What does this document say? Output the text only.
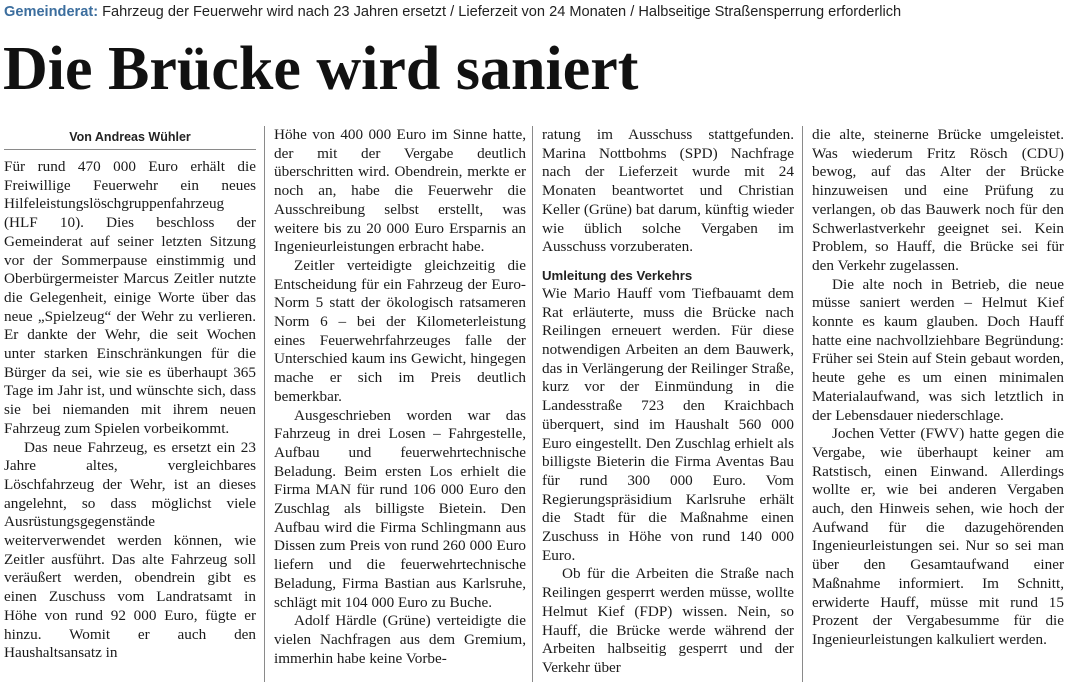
Gemeinderat: Fahrzeug der Feuerwehr wird nach 23 Jahren ersetzt / Lieferzeit von 24 Monaten / Halbseitige Straßensperrung erforderlich
Die Brücke wird saniert
Von Andreas Wühler

Für rund 470 000 Euro erhält die Freiwillige Feuerwehr ein neues Hilfeleistungslöschgruppenfahrzeug (HLF 10). Dies beschloss der Gemeinderat auf seiner letzten Sitzung vor der Sommerpause einstimmig und Oberbürgermeister Marcus Zeitler nutzte die Gelegenheit, einige Worte über das neue „Spielzeug“ der Wehr zu verlieren. Er dankte der Wehr, die seit Wochen unter starken Einschränkungen für die Bürger da sei, wie sie es überhaupt 365 Tage im Jahr ist, und wünschte sich, dass sie bei niemanden mit ihrem neuen Fahrzeug zum Spielen vorbeikommt.

Das neue Fahrzeug, es ersetzt ein 23 Jahre altes, vergleichbares Löschfahrzeug der Wehr, ist an dieses angelehnt, so dass möglichst viele Ausrüstungsgegenstände weiterverwendet werden können, wie Zeitler ausführt. Das alte Fahrzeug soll veräußert werden, obendrein gibt es einen Zuschuss vom Landratsamt in Höhe von rund 92 000 Euro, fügte er hinzu. Womit er auch den Haushaltsansatz in

Höhe von 400 000 Euro im Sinne hatte, der mit der Vergabe deutlich überschritten wird. Obendrein, merkte er noch an, habe die Feuerwehr die Ausschreibung selbst erstellt, was weitere bis zu 20 000 Euro Ersparnis an Ingenieurleistungen erbracht habe.

Zeitler verteidigte gleichzeitig die Entscheidung für ein Fahrzeug der Euro-Norm 5 statt der ökologisch ratsameren Norm 6 – bei der Kilometerleistung eines Feuerwehrfahrzeuges falle der Unterschied kaum ins Gewicht, hingegen mache er sich im Preis deutlich bemerkbar.

Ausgeschrieben worden war das Fahrzeug in drei Losen – Fahrgestelle, Aufbau und feuerwehrtechnische Beladung. Beim ersten Los erhielt die Firma MAN für rund 106 000 Euro den Zuschlag als billigste Bietein. Den Aufbau wird die Firma Schlingmann aus Dissen zum Preis von rund 260 000 Euro liefern und die feuerwehrtechnische Beladung, Firma Bastian aus Karlsruhe, schlägt mit 104 000 Euro zu Buche.

Adolf Härdle (Grüne) verteidigte die vielen Nachfragen aus dem Gremium, immerhin habe keine Vorbe-

ratung im Ausschuss stattgefunden. Marina Nottbohms (SPD) Nachfrage nach der Lieferzeit wurde mit 24 Monaten beantwortet und Christian Keller (Grüne) bat darum, künftig wieder wie üblich solche Vergaben im Ausschuss vorzuberaten.

Umleitung des Verkehrs

Wie Mario Hauff vom Tiefbauamt dem Rat erläuterte, muss die Brücke nach Reilingen erneuert werden. Für diese notwendigen Arbeiten an dem Bauwerk, das in Verlängerung der Reilinger Straße, kurz vor der Einmündung in die Landesstraße 723 den Kraichbach überquert, sind im Haushalt 560 000 Euro eingestellt. Den Zuschlag erhielt als billigste Bieterin die Firma Aventas Bau für rund 300 000 Euro. Vom Regierungspräsidium Karlsruhe erhält die Stadt für die Maßnahme einen Zuschuss in Höhe von rund 140 000 Euro.

Ob für die Arbeiten die Straße nach Reilingen gesperrt werden müsse, wollte Helmut Kief (FDP) wissen. Nein, so Hauff, die Brücke werde während der Arbeiten halbseitig gesperrt und der Verkehr über

die alte, steinerne Brücke umgeleistet. Was wiederum Fritz Rösch (CDU) bewog, auf das Alter der Brücke hinzuweisen und eine Prüfung zu verlangen, ob das Bauwerk noch für den Schwerlastverkehr geeignet sei. Kein Problem, so Hauff, die Brücke sei für den Verkehr zugelassen.

Die alte noch in Betrieb, die neue müsse saniert werden – Helmut Kief konnte es kaum glauben. Doch Hauff hatte eine nachvollziehbare Begründung: Früher sei Stein auf Stein gebaut worden, heute gehe es um einen minimalen Materialaufwand, was sich letztlich in der Lebensdauer niederschlage.

Jochen Vetter (FWV) hatte gegen die Vergabe, wie überhaupt keiner am Ratstisch, einen Einwand. Allerdings wollte er, wie bei anderen Vergaben auch, den Hinweis sehen, wie hoch der Aufwand für die dazugehörenden Ingenieurleistungen sei. Nur so sei man über den Gesamtaufwand einer Maßnahme informiert. Im Schnitt, erwiderte Hauff, müsse mit rund 15 Prozent der Vergabesumme für die Ingenieurleistungen kalkuliert werden.
